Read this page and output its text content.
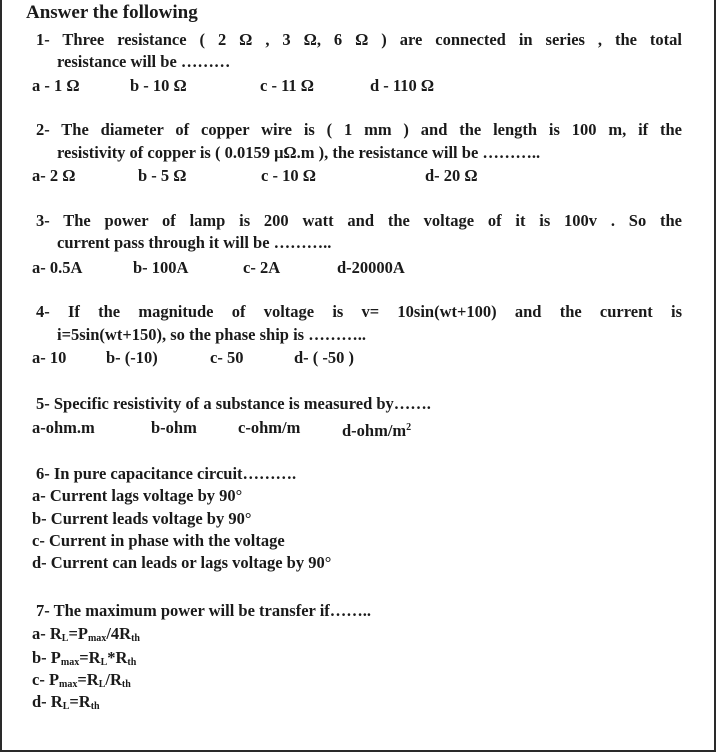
Answer the following
1- Three resistance ( 2 Ω , 3 Ω, 6 Ω ) are connected in series , the total
resistance will be ………
a - 1 Ω	b - 10 Ω	c - 11 Ω	d - 110 Ω
2- The diameter of copper wire is ( 1 mm ) and the length is 100 m, if the
resistivity of copper is ( 0.0159 μΩ.m ), the resistance will be ………..
a- 2 Ω	b - 5 Ω	c - 10 Ω	d- 20 Ω
3- The power of lamp is 200 watt and the voltage of it is 100v . So the
current pass through it will be ………..
a- 0.5A	b- 100A	c- 2A	d-20000A
4- If the magnitude of voltage is v= 10sin(wt+100) and the current is
i=5sin(wt+150), so the phase ship is ………..
a- 10 b- (-10)	c- 50	d- ( -50 )
5- Specific resistivity of a substance is measured by…….
a-ohm.m	b-ohm c-ohm/m	$d-ohm/m^2$
6- In pure capacitance circuit……….
a- Current lags voltage by 90°
b- Current leads voltage by 90°
c- Current in phase with the voltage
d- Current can leads or lags voltage by 90°
7- The maximum power will be transfer if……..
a- $R_L=P_{max}/4R_{th}$
b- $P_{max}=R_L*R_{th}$
c- $P_{max}=R_L/R_{th}$
d- $R_L=R_{th}$
